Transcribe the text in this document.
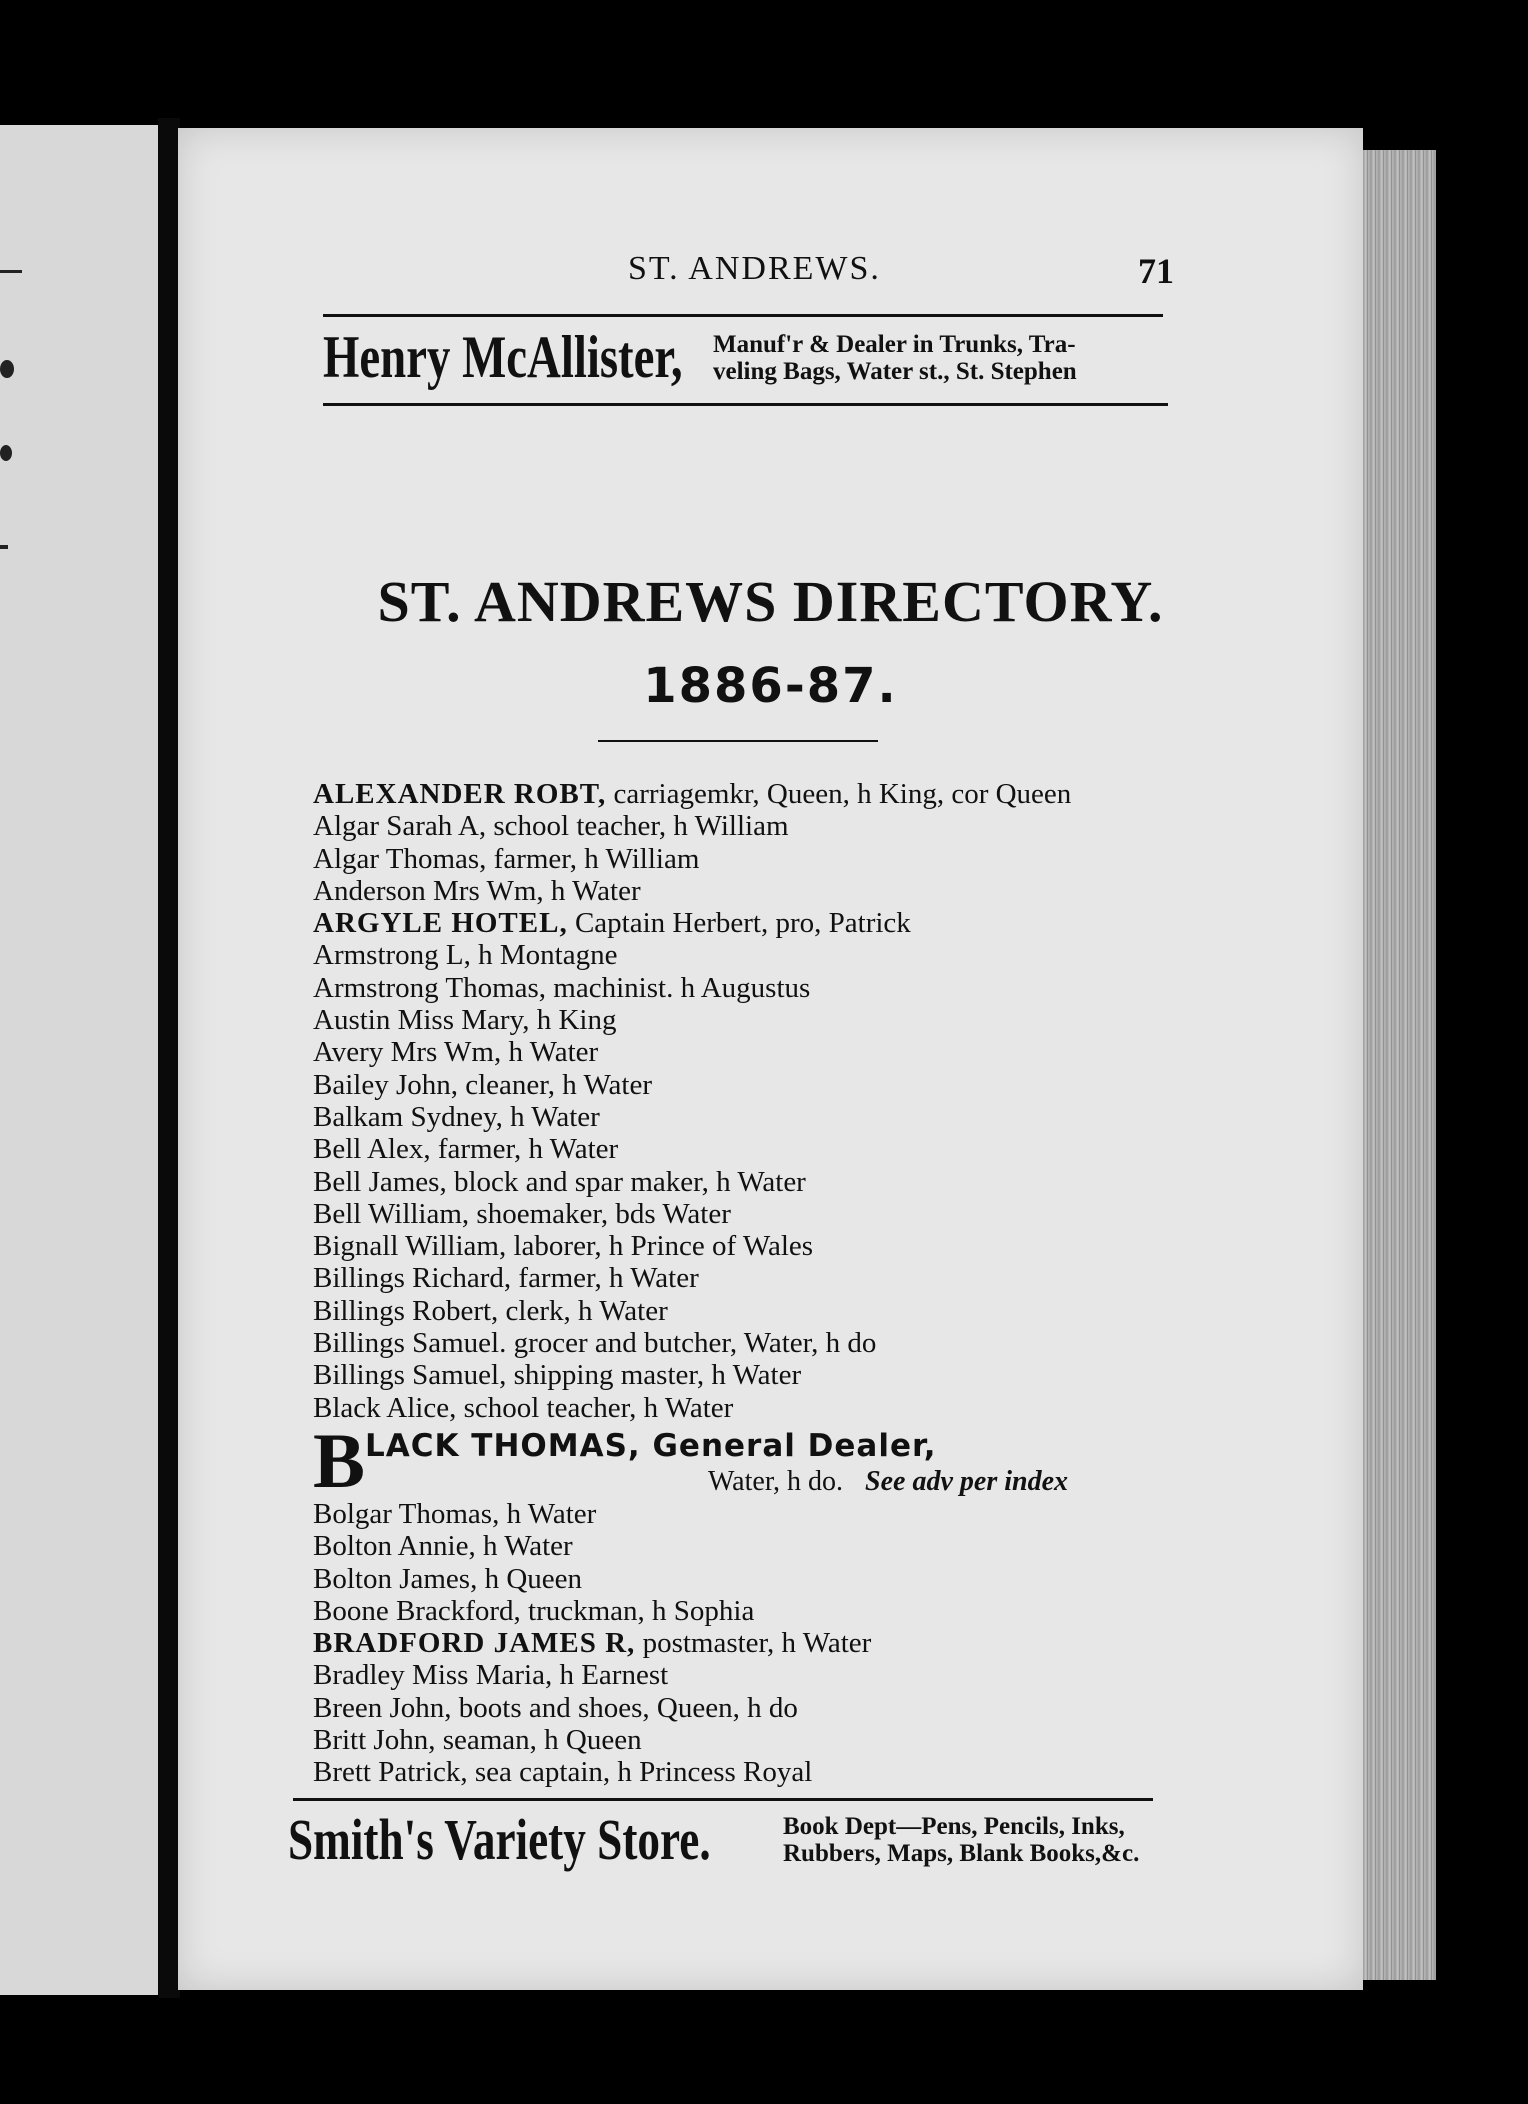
ST. ANDREWS.	71
Henry McAllister, Manuf'r & Dealer in Trunks, Tra-
veling Bags, Water st., St. Stephen
ST. ANDREWS DIRECTORY.
1886-87.
ALEXANDER ROBT, carriagemkr, Queen, h King, cor Queen
Algar Sarah A, school teacher, h William
Algar Thomas, farmer, h William
Anderson Mrs Wm, h Water
ARGYLE HOTEL, Captain Herbert, pro, Patrick
Armstrong L, h Montagne
Armstrong Thomas, machinist. h Augustus
Austin Miss Mary, h King
Avery Mrs Wm, h Water
Bailey John, cleaner, h Water
Balkam Sydney, h Water
Bell Alex, farmer, h Water
Bell James, block and spar maker, h Water
Bell William, shoemaker, bds Water
Bignall William, laborer, h Prince of Wales
Billings Richard, farmer, h Water
Billings Robert, clerk, h Water
Billings Samuel. grocer and butcher, Water, h do
Billings Samuel, shipping master, h Water
Black Alice, school teacher, h Water
B LACK THOMAS, General Dealer,
Water, h do. See adv per index
Bolgar Thomas, h Water
Bolton Annie, h Water
Bolton James, h Queen
Boone Brackford, truckman, h Sophia
BRADFORD JAMES R, postmaster, h Water
Bradley Miss Maria, h Earnest
Breen John, boots and shoes, Queen, h do
Britt John, seaman, h Queen
Brett Patrick, sea captain, h Princess Royal
Smith's Variety Store.	Book Dept—Pens, Pencils, Inks,
Rubbers, Maps, Blank Books,&c.
